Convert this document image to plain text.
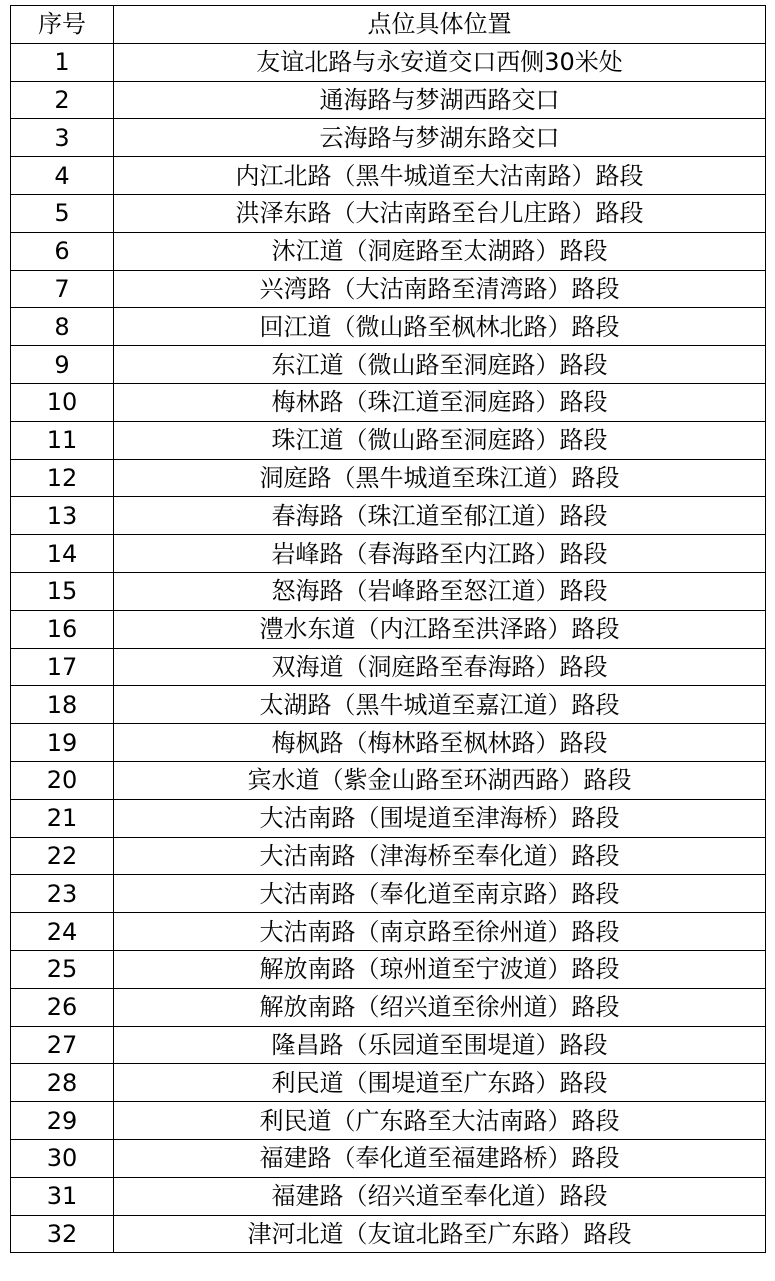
序号	点位具体位置
1	友谊北路与永安道交口西侧30米处
2	通海路与梦湖西路交口
3	云海路与梦湖东路交口
4	内江北路（黑牛城道至大沽南路）路段
5	洪泽东路（大沽南路至台儿庄路）路段
6	沐江道（洞庭路至太湖路）路段
7	兴湾路（大沽南路至清湾路）路段
8	回江道（微山路至枫林北路）路段
9	东江道（微山路至洞庭路）路段
10	梅林路（珠江道至洞庭路）路段
11	珠江道（微山路至洞庭路）路段
12	洞庭路（黑牛城道至珠江道）路段
13	春海路（珠江道至郁江道）路段
14	岩峰路（春海路至内江路）路段
15	怒海路（岩峰路至怒江道）路段
16	澧水东道（内江路至洪泽路）路段
17	双海道（洞庭路至春海路）路段
18	太湖路（黑牛城道至嘉江道）路段
19	梅枫路（梅林路至枫林路）路段
20	宾水道（紫金山路至环湖西路）路段
21	大沽南路（围堤道至津海桥）路段
22	大沽南路（津海桥至奉化道）路段
23	大沽南路（奉化道至南京路）路段
24	大沽南路（南京路至徐州道）路段
25	解放南路（琼州道至宁波道）路段
26	解放南路（绍兴道至徐州道）路段
27	隆昌路（乐园道至围堤道）路段
28	利民道（围堤道至广东路）路段
29	利民道（广东路至大沽南路）路段
30	福建路（奉化道至福建路桥）路段
31	福建路（绍兴道至奉化道）路段
32	津河北道（友谊北路至广东路）路段
